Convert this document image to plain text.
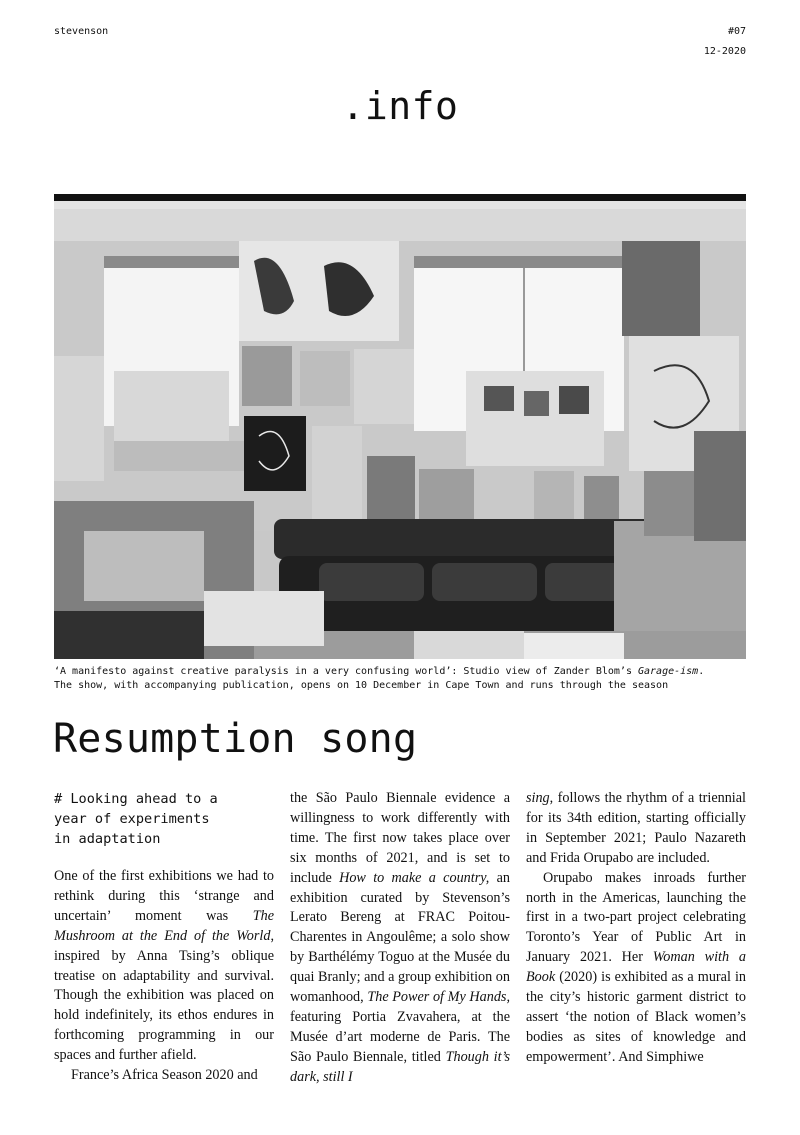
stevenson	#07
12-2020
.info
‘A manifesto against creative paralysis in a very confusing world’: Studio view of Zander Blom’s Garage-ism.
The show, with accompanying publication, opens on 10 December in Cape Town and runs through the season
Resumption song

# Looking ahead to a
year of experiments
in adaptation

One of the first exhibitions we had to rethink during this ‘strange and uncertain’ moment was The Mushroom at the End of the World, inspired by Anna Tsing’s oblique treatise on adaptability and survival. Though the exhibition was placed on hold indefinitely, its ethos endures in forthcoming programming in our spaces and further afield.

France’s Africa Season 2020 and

the São Paulo Biennale evidence a willingness to work differently with time. The first now takes place over six months of 2021, and is set to include How to make a country, an exhibition curated by Stevenson’s Lerato Bereng at FRAC Poitou-Charentes in Angoulême; a solo show by Barthélémy Toguo at the Musée du quai Branly; and a group exhibition on womanhood, The Power of My Hands, featuring Portia Zvavahera, at the Musée d’art moderne de Paris. The São Paulo Biennale, titled Though it’s dark, still I

sing, follows the rhythm of a triennial for its 34th edition, starting officially in September 2021; Paulo Nazareth and Frida Orupabo are included.

Orupabo makes inroads further north in the Americas, launching the first in a two-part project celebrating Toronto’s Year of Public Art in January 2021. Her Woman with a Book (2020) is exhibited as a mural in the city’s historic garment district to assert ‘the notion of Black women’s bodies as sites of knowledge and empowerment’. And Simphiwe
